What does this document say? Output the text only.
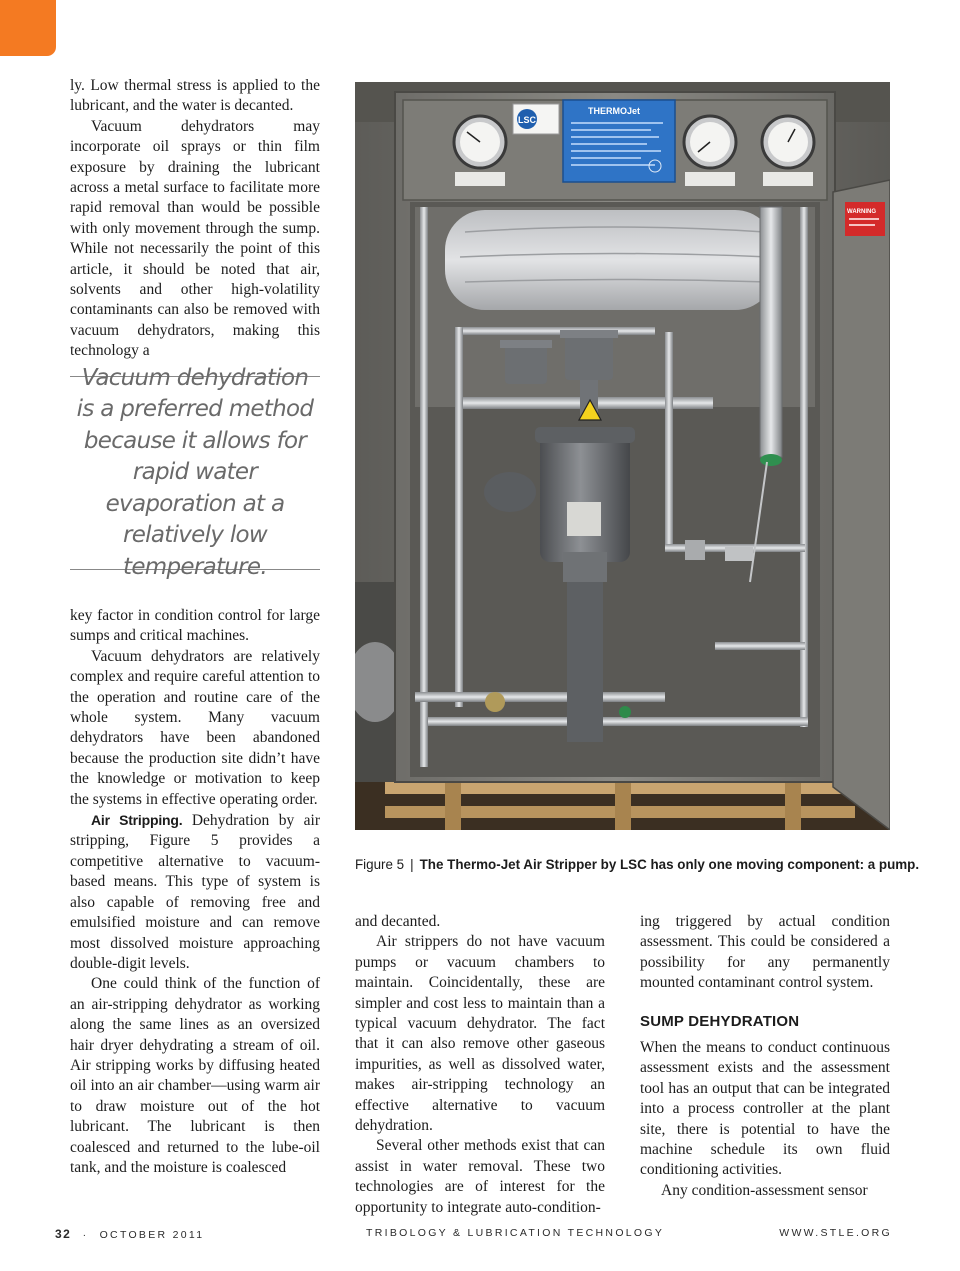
ly. Low thermal stress is applied to the lubricant, and the water is decanted.

Vacuum dehydrators may incorporate oil sprays or thin film exposure by draining the lubricant across a metal surface to facilitate more rapid removal than would be possible with only movement through the sump. While not necessarily the point of this article, it should be noted that air, solvents and other high-volatility contaminants can also be removed with vacuum dehydrators, making this technology a

Vacuum dehydration is a preferred method because it allows for rapid water evaporation at a relatively low temperature.

key factor in condition control for large sumps and critical machines.

Vacuum dehydrators are relatively complex and require careful attention to the operation and routine care of the whole system. Many vacuum dehydrators have been abandoned because the production site didn’t have the knowledge or motivation to keep the systems in effective operating order.

Air Stripping. Dehydration by air stripping, Figure 5 provides a competitive alternative to vacuum-based means. This type of system is also capable of removing free and emulsified moisture and can remove most dissolved moisture approaching double-digit levels.

One could think of the function of an air-stripping dehydrator as working along the same lines as an oversized hair dryer dehydrating a stream of oil. Air stripping works by diffusing heated oil into an air chamber—using warm air to draw moisture out of the hot lubricant. The lubricant is then coalesced and returned to the lube-oil tank, and the moisture is coalesced

LSC
THERMOJet
WARNING
Figure 5 | The Thermo-Jet Air Stripper by LSC has only one moving component: a pump.

and decanted.

Air strippers do not have vacuum pumps or vacuum chambers to maintain. Coincidentally, these are simpler and cost less to maintain than a typical vacuum dehydrator. The fact that it can also remove other gaseous impurities, as well as dissolved water, makes air-stripping technology an effective alternative to vacuum dehydration.

Several other methods exist that can assist in water removal. These two technologies are of interest for the opportunity to integrate auto-condition-

ing triggered by actual condition assessment. This could be considered a possibility for any permanently mounted contaminant control system.

SUMP DEHYDRATION

When the means to conduct continuous assessment exists and the assessment tool has an output that can be integrated into a process controller at the plant site, there is potential to have the machine schedule its own fluid conditioning activities.

Any condition-assessment sensor

32 · OCTOBER 2011	TRIBOLOGY & LUBRICATION TECHNOLOGY	WWW.STLE.ORG
